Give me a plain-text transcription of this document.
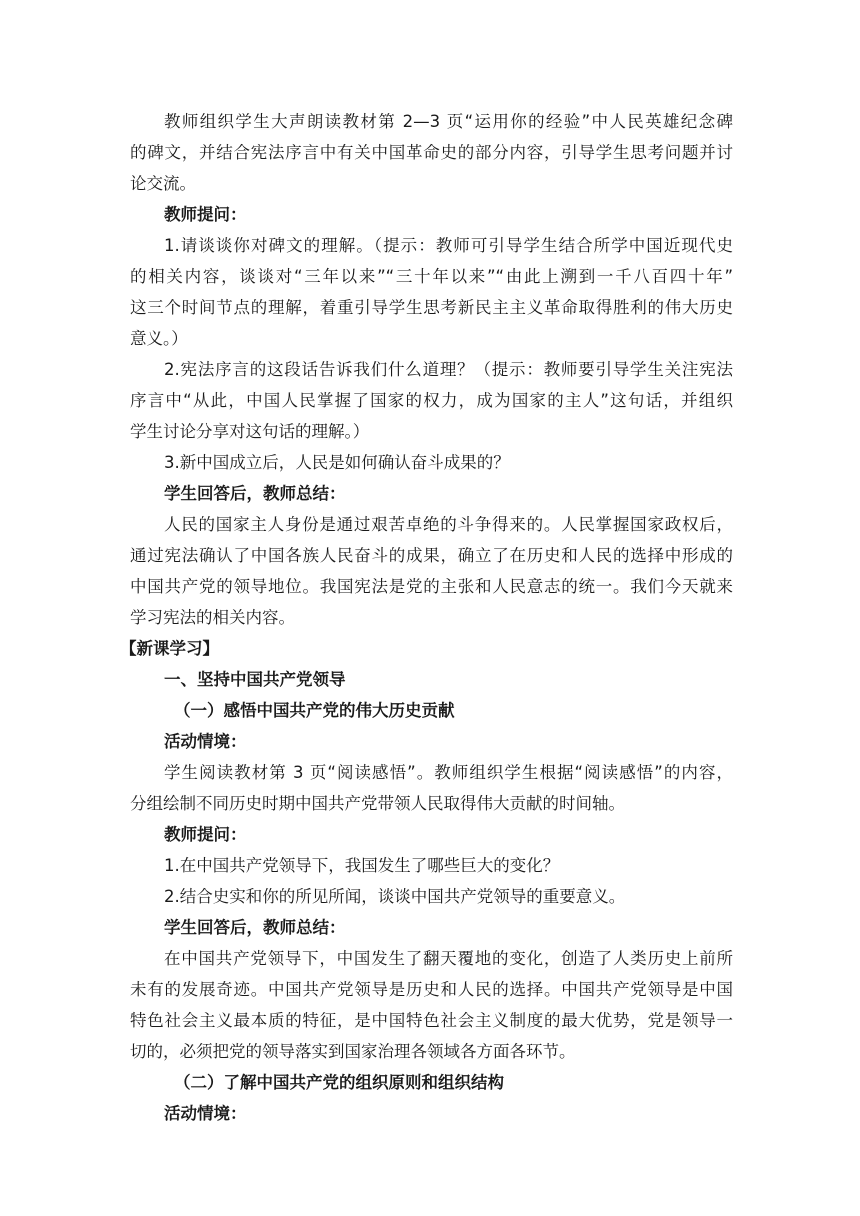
教师组织学生大声朗读教材第 2—3 页“运用你的经验”中人民英雄纪念碑
的碑文，并结合宪法序言中有关中国革命史的部分内容，引导学生思考问题并讨
论交流。
教师提问：
1.请谈谈你对碑文的理解。（提示：教师可引导学生结合所学中国近现代史
的相关内容，谈谈对“三年以来”“三十年以来”“由此上溯到一千八百四十年”
这三个时间节点的理解，着重引导学生思考新民主主义革命取得胜利的伟大历史
意义。）
2.宪法序言的这段话告诉我们什么道理？（提示：教师要引导学生关注宪法
序言中“从此，中国人民掌握了国家的权力，成为国家的主人”这句话，并组织
学生讨论分享对这句话的理解。）
3.新中国成立后，人民是如何确认奋斗成果的？
学生回答后，教师总结：
人民的国家主人身份是通过艰苦卓绝的斗争得来的。人民掌握国家政权后，
通过宪法确认了中国各族人民奋斗的成果，确立了在历史和人民的选择中形成的
中国共产党的领导地位。我国宪法是党的主张和人民意志的统一。我们今天就来
学习宪法的相关内容。
【新课学习】
一、坚持中国共产党领导
（一）感悟中国共产党的伟大历史贡献
活动情境：
学生阅读教材第 3 页“阅读感悟”。教师组织学生根据“阅读感悟”的内容，
分组绘制不同历史时期中国共产党带领人民取得伟大贡献的时间轴。
教师提问：
1.在中国共产党领导下，我国发生了哪些巨大的变化？
2.结合史实和你的所见所闻，谈谈中国共产党领导的重要意义。
学生回答后，教师总结：
在中国共产党领导下，中国发生了翻天覆地的变化，创造了人类历史上前所
未有的发展奇迹。中国共产党领导是历史和人民的选择。中国共产党领导是中国
特色社会主义最本质的特征，是中国特色社会主义制度的最大优势，党是领导一
切的，必须把党的领导落实到国家治理各领域各方面各环节。
（二）了解中国共产党的组织原则和组织结构
活动情境：
